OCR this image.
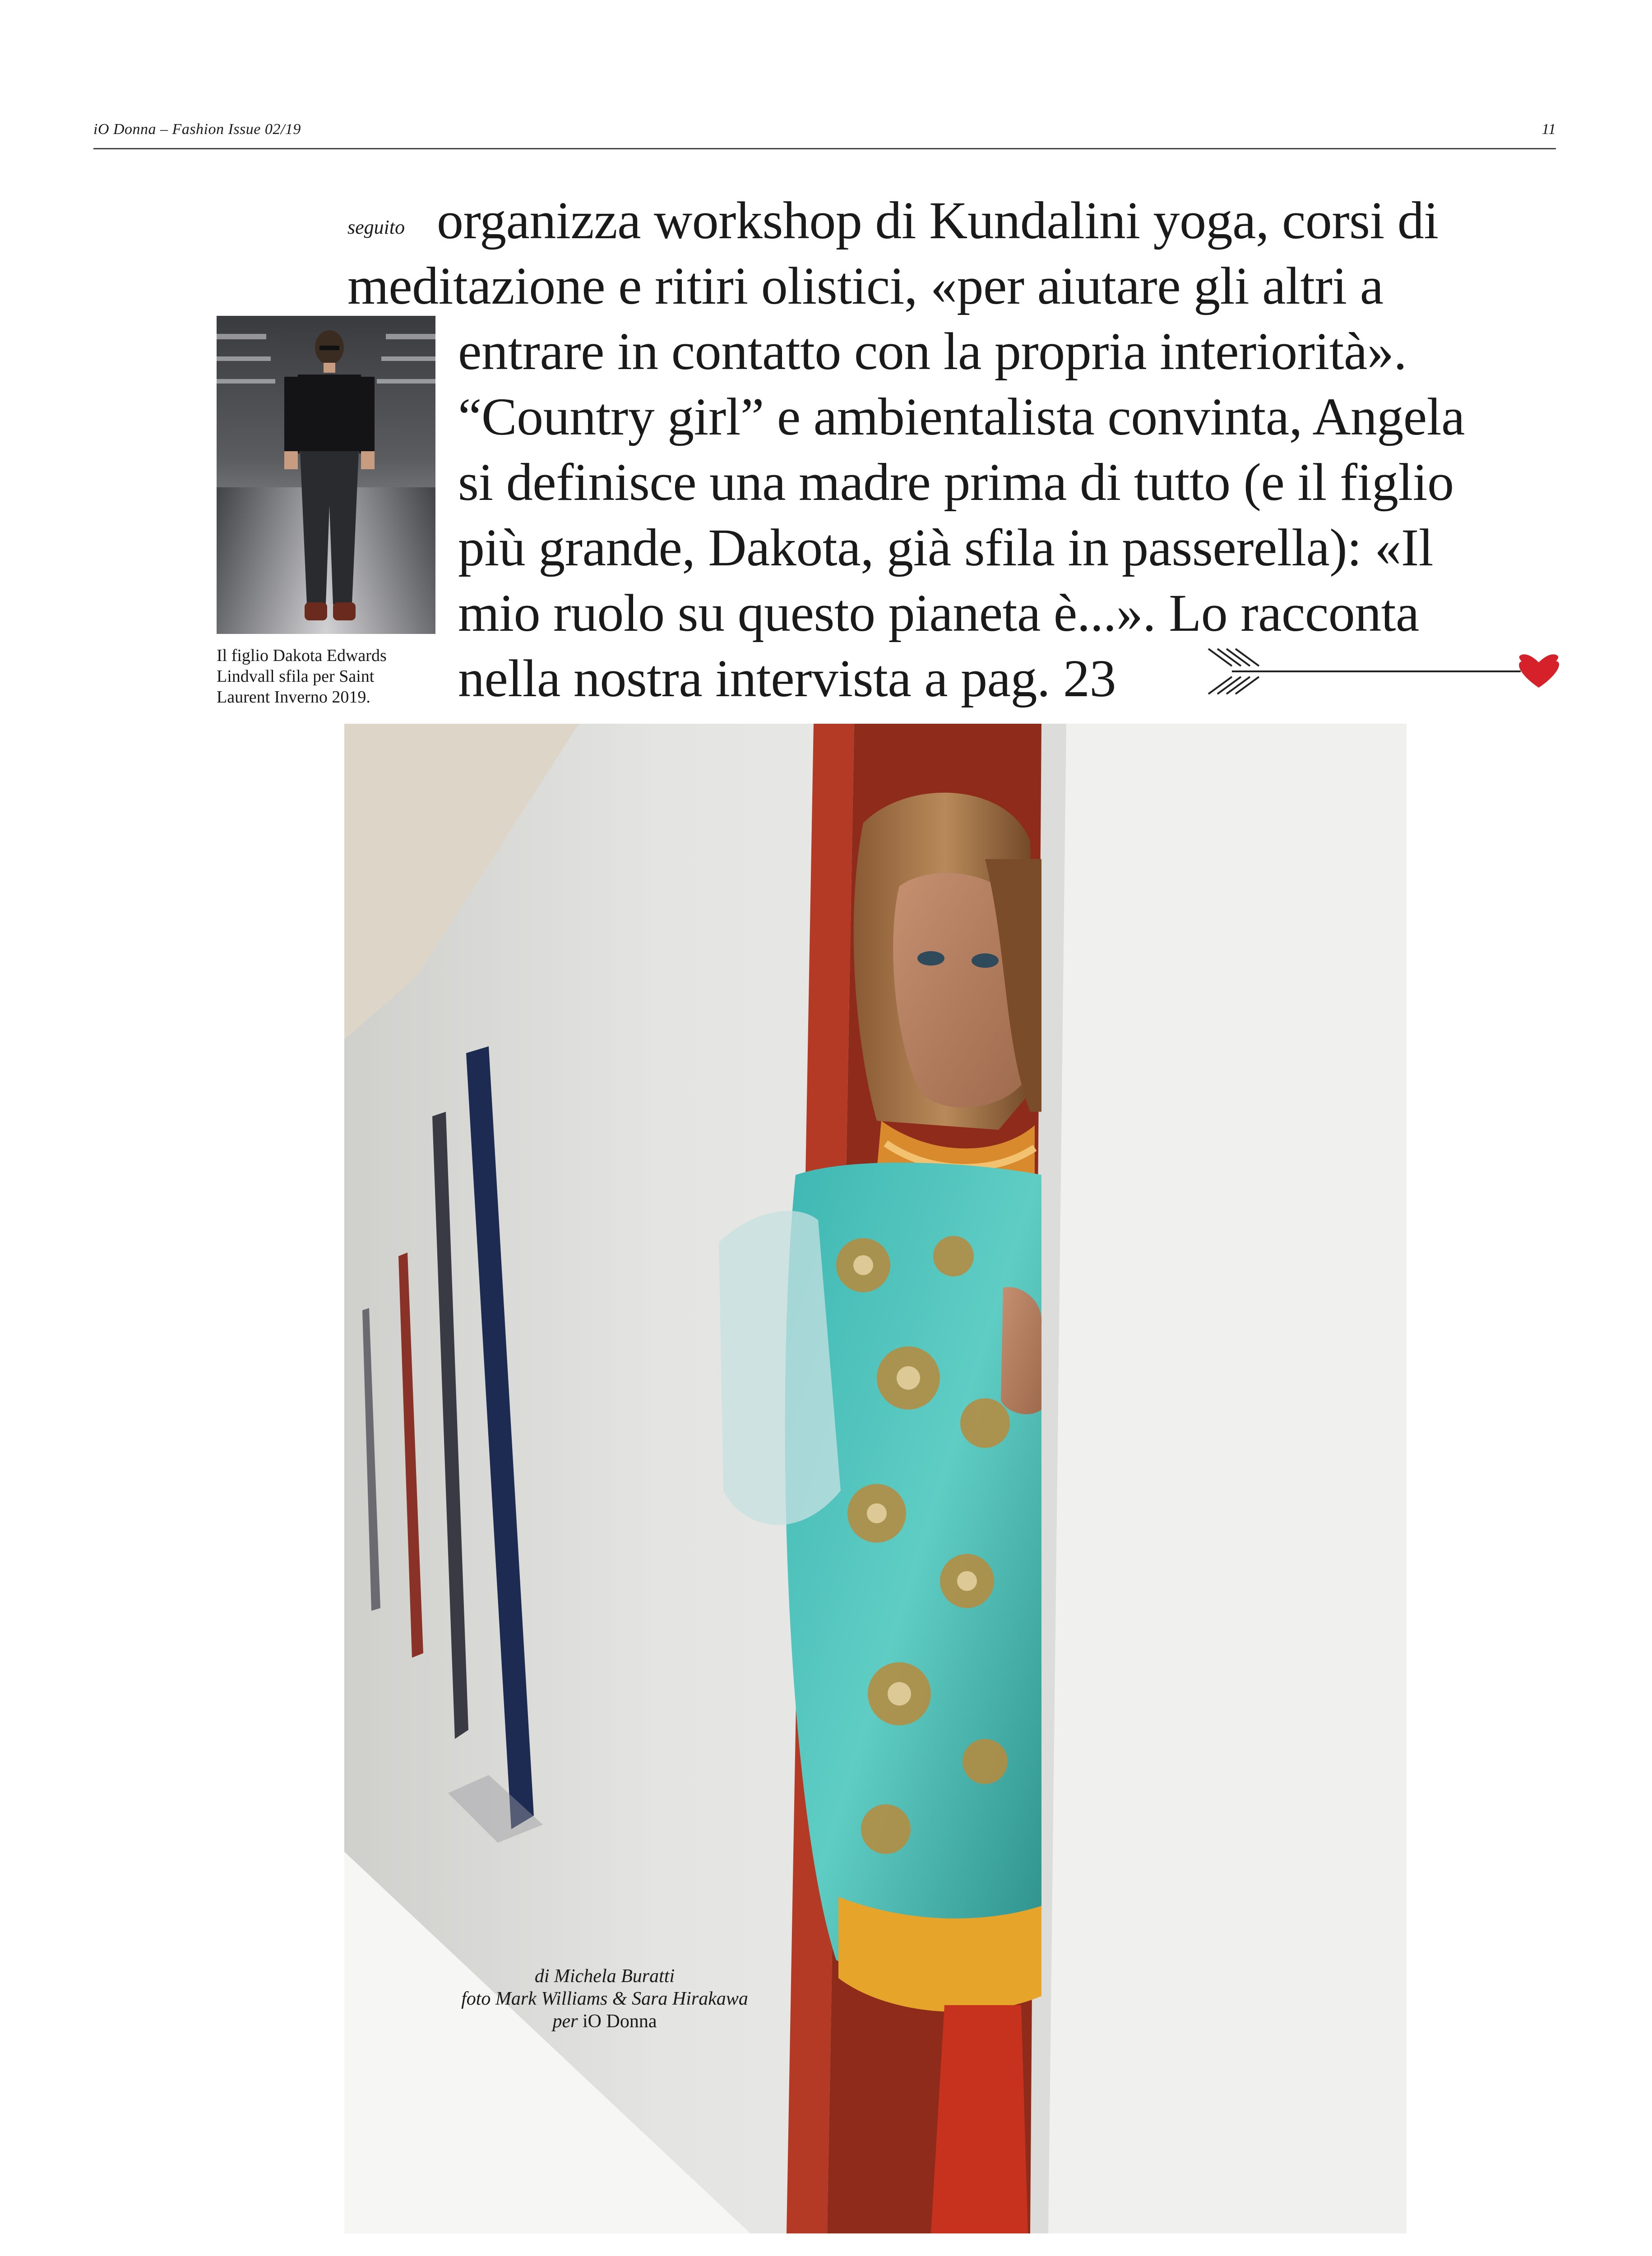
iO Donna – Fashion Issue 02/19	11
seguito organizza workshop di Kundalini yoga, corsi di
meditazione e ritiri olistici, «per aiutare gli altri a
entrare in contatto con la propria interiorità».
“Country girl” e ambientalista convinta, Angela
si definisce una madre prima di tutto (e il figlio
più grande, Dakota, già sfila in passerella): «Il
mio ruolo su questo pianeta è...». Lo racconta
nella nostra intervista a pag. 23
Il figlio Dakota Edwards
Lindvall sfila per Saint
Laurent Inverno 2019.
di Michela Buratti
foto Mark Williams & Sara Hirakawa
per iO Donna
